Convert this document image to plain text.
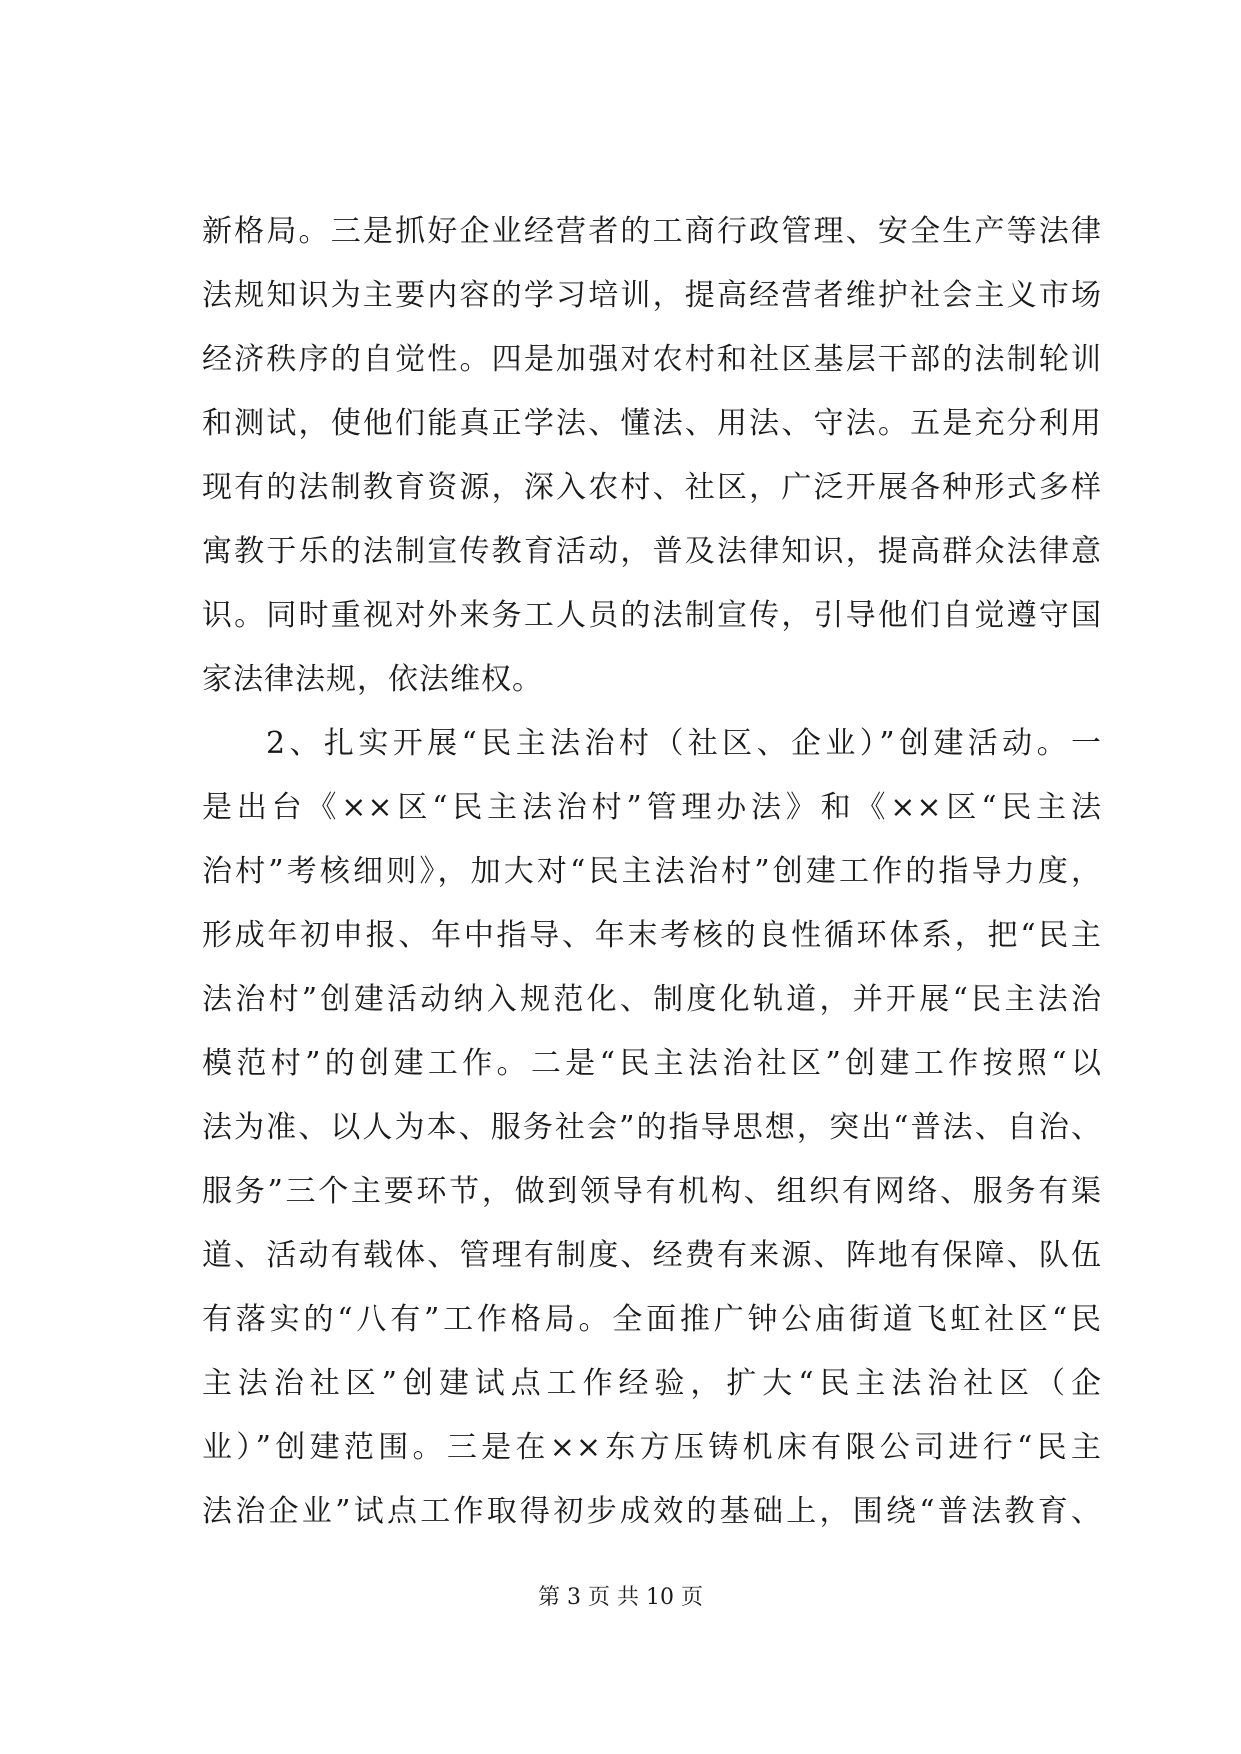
新格局。三是抓好企业经营者的工商行政管理、安全生产等法律
法规知识为主要内容的学习培训，提高经营者维护社会主义市场
经济秩序的自觉性。四是加强对农村和社区基层干部的法制轮训
和测试，使他们能真正学法、懂法、用法、守法。五是充分利用
现有的法制教育资源，深入农村、社区，广泛开展各种形式多样
寓教于乐的法制宣传教育活动，普及法律知识，提高群众法律意
识。同时重视对外来务工人员的法制宣传，引导他们自觉遵守国
家法律法规，依法维权。
2、扎实开展“民主法治村（社区、企业）”创建活动。一
是出台《××区“民主法治村”管理办法》和《××区“民主法
治村”考核细则》，加大对“民主法治村”创建工作的指导力度，
形成年初申报、年中指导、年末考核的良性循环体系，把“民主
法治村”创建活动纳入规范化、制度化轨道，并开展“民主法治
模范村”的创建工作。二是“民主法治社区”创建工作按照“以
法为准、以人为本、服务社会”的指导思想，突出“普法、自治、
服务”三个主要环节，做到领导有机构、组织有网络、服务有渠
道、活动有载体、管理有制度、经费有来源、阵地有保障、队伍
有落实的“八有”工作格局。全面推广钟公庙街道飞虹社区“民
主法治社区”创建试点工作经验，扩大“民主法治社区（企
业）”创建范围。三是在××东方压铸机床有限公司进行“民主
法治企业”试点工作取得初步成效的基础上，围绕“普法教育、
第 3 页 共 10 页
